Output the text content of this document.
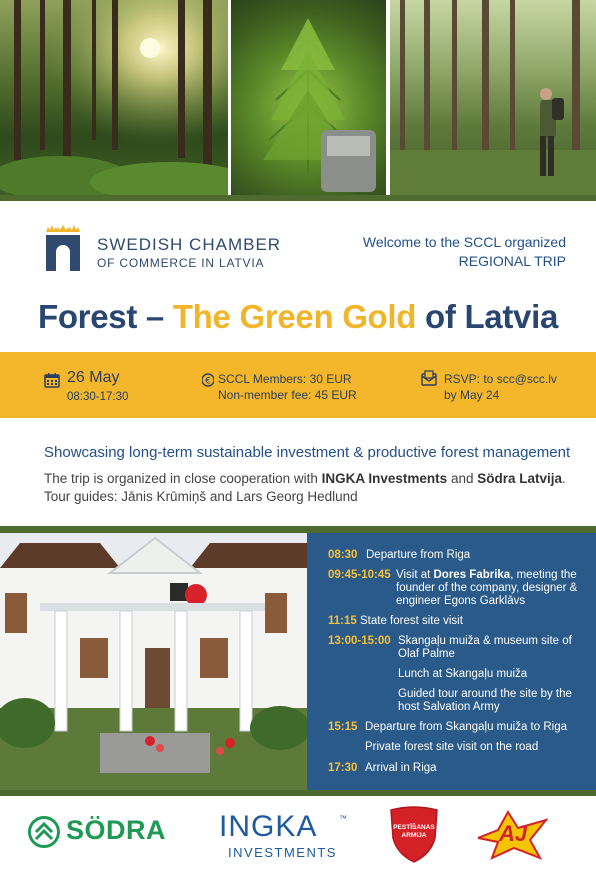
SWEDISH CHAMBER
OF COMMERCE IN LATVIA
Welcome to the SCCL organized
REGIONAL TRIP
Forest – The Green Gold of Latvia
26 May
08:30-17:30
€ SCCL Members: 30 EUR
Non-member fee: 45 EUR
RSVP: to scc@scc.lv
by May 24
Showcasing long-term sustainable investment & productive forest management
The trip is organized in close cooperation with INGKA Investments and Södra Latvija.
Tour guides: Jānis Krūmiņš and Lars Georg Hedlund
08:30 Departure from Riga
09:45-10:45 Visit at Dores Fabrika, meeting the founder of the company, designer & engineer Egons Garklāvs
11:15 State forest site visit
13:00-15:00 Skangaļu muiža & museum site of Olaf Palme
Lunch at Skangaļu muiža
Guided tour around the site by the host Salvation Army
15:15 Departure from Skangaļu muiža to Riga
Private forest site visit on the road
17:30 Arrival in Riga
SÖDRA INGKA	™
INVESTMENTS
PESTĪŠANAS
ARMIJA	AJ
